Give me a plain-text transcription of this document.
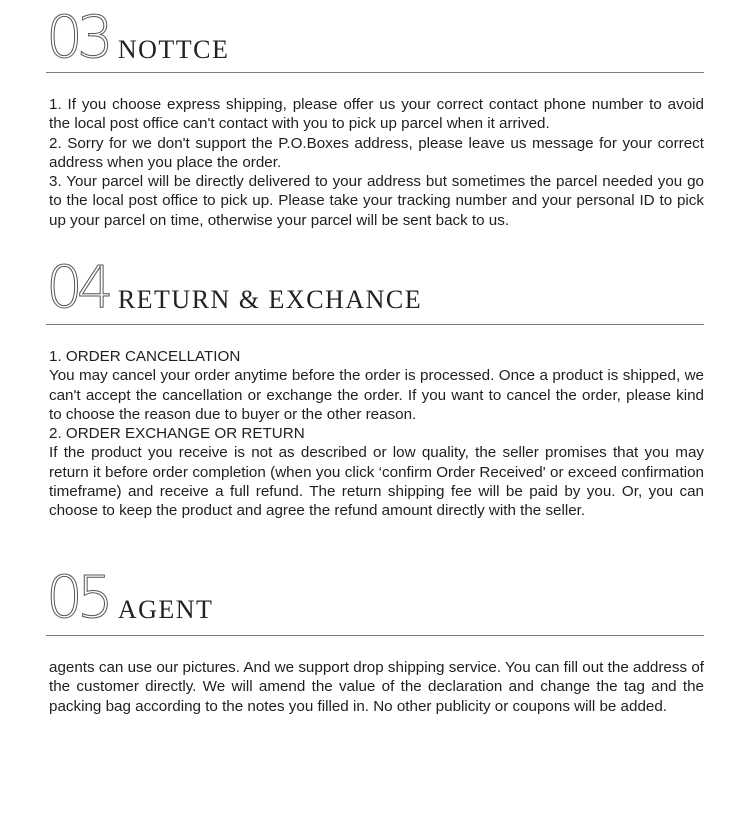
03 NOTTCE

1. If you choose express shipping, please offer us your correct contact phone number to avoid the local post office can't contact with you to pick up parcel when it arrived.

2. Sorry for we don't support the P.O.Boxes address, please leave us message for your correct address when you place the order.

3. Your parcel will be directly delivered to your address but sometimes the parcel needed you go to the local post office to pick up. Please take your tracking number and your personal ID to pick up your parcel on time, otherwise your parcel will be sent back to us.

04 RETURN & EXCHANCE

1. ORDER CANCELLATION

You may cancel your order anytime before the order is processed. Once a product is shipped, we can't accept the cancellation or exchange the order. If you want to cancel the order, please kind to choose the reason due to buyer or the other reason.

2. ORDER EXCHANGE OR RETURN

If the product you receive is not as described or low quality, the seller promises that you may return it before order completion (when you click ‘confirm Order Received' or exceed confirmation timeframe) and receive a full refund. The return shipping fee will be paid by you. Or, you can choose to keep the product and agree the refund amount directly with the seller.

05 AGENT

agents can use our pictures. And we support drop shipping service. You can fill out the address of the customer directly. We will amend the value of the declaration and change the tag and the packing bag according to the notes you filled in. No other publicity or coupons will be added.
